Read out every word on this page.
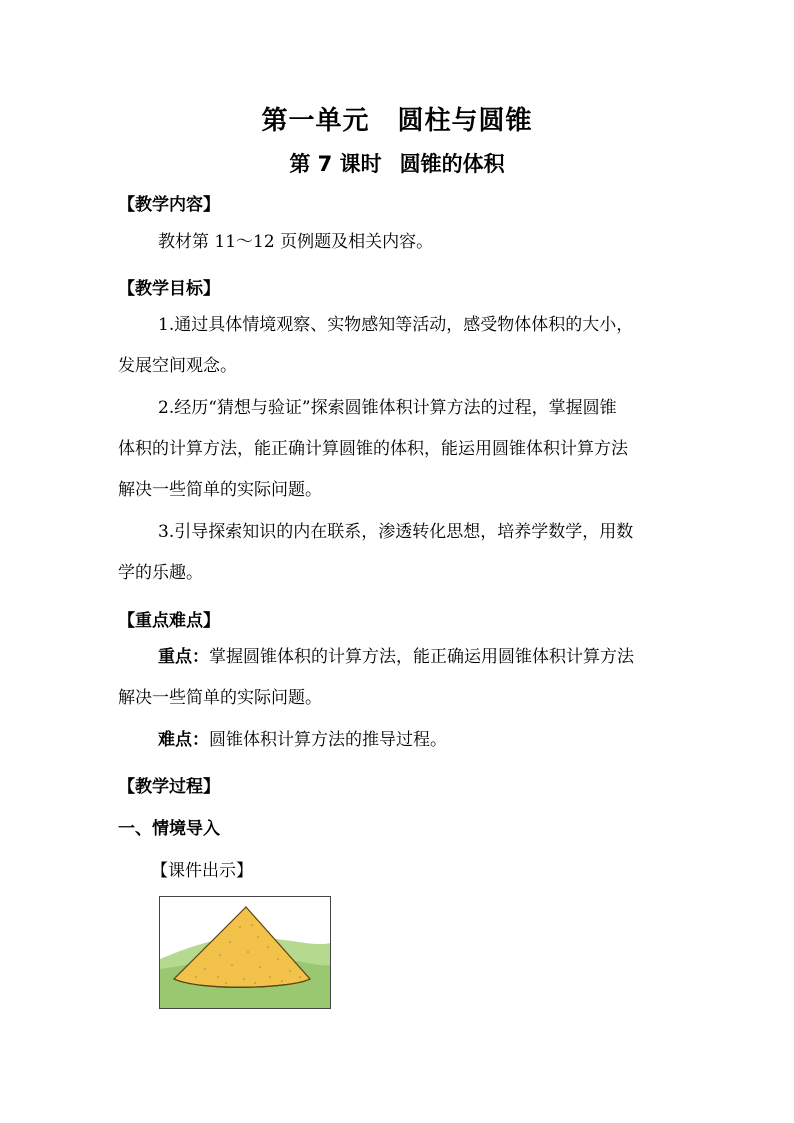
第一单元 圆柱与圆锥
第 7 课时 圆锥的体积
【教学内容】
教材第 11～12 页例题及相关内容。
【教学目标】
1.通过具体情境观察、实物感知等活动，感受物体体积的大小，
发展空间观念。
2.经历“猜想与验证”探索圆锥体积计算方法的过程，掌握圆锥
体积的计算方法，能正确计算圆锥的体积，能运用圆锥体积计算方法
解决一些简单的实际问题。
3.引导探索知识的内在联系，渗透转化思想，培养学数学，用数
学的乐趣。
【重点难点】
重点：掌握圆锥体积的计算方法，能正确运用圆锥体积计算方法
解决一些简单的实际问题。
难点：圆锥体积计算方法的推导过程。
【教学过程】
一、情境导入
【课件出示】
